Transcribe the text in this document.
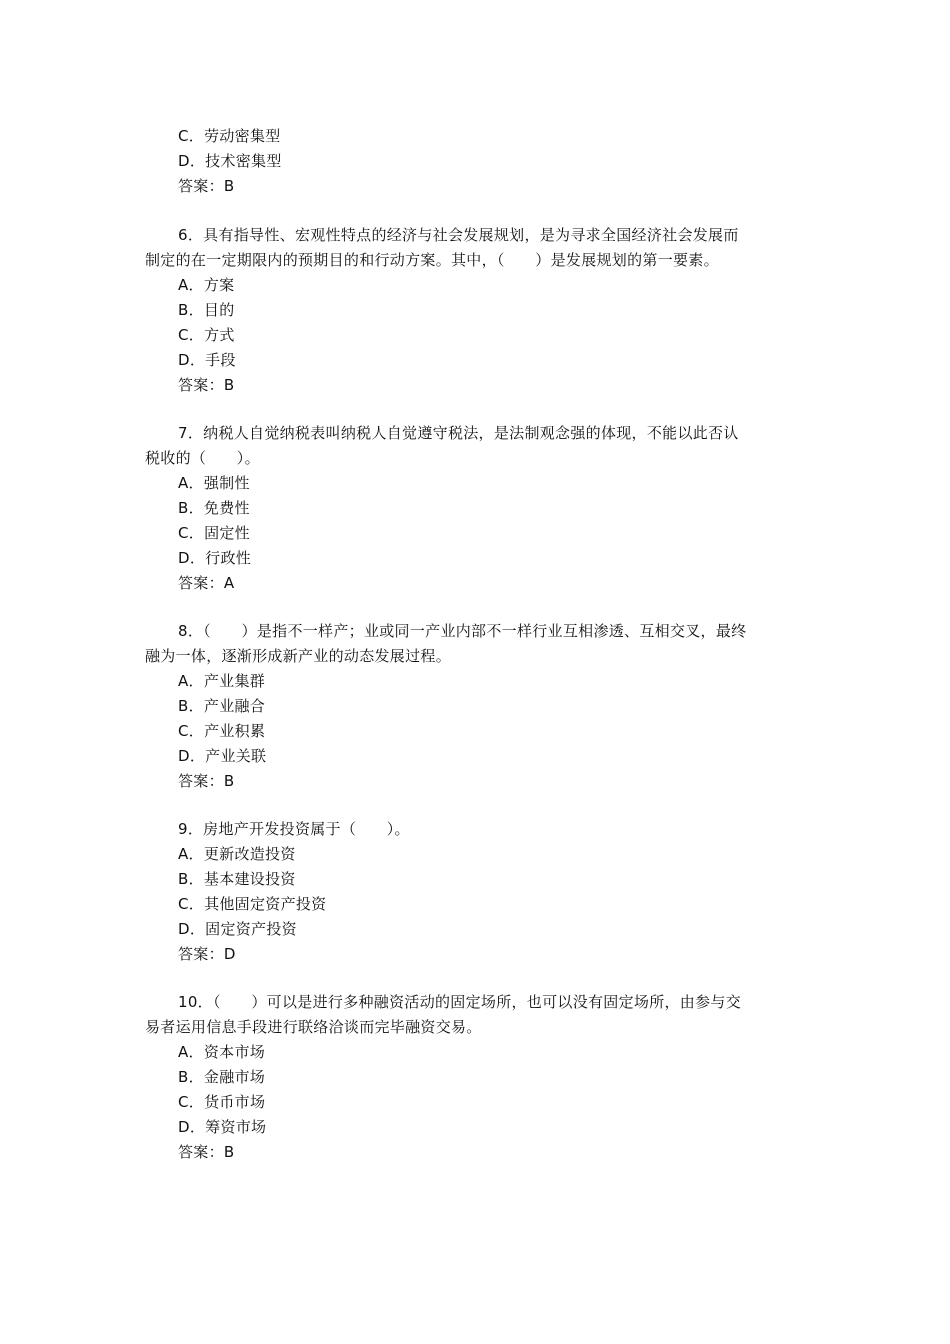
C．劳动密集型
D．技术密集型
答案：B
6．具有指导性、宏观性特点的经济与社会发展规划，是为寻求全国经济社会发展而
制定的在一定期限内的预期目的和行动方案。其中，（　　）是发展规划的第一要素。
A．方案
B．目的
C．方式
D．手段
答案：B
7．纳税人自觉纳税表叫纳税人自觉遵守税法，是法制观念强的体现，不能以此否认
税收的（　　）。
A．强制性
B．免费性
C．固定性
D．行政性
答案：A
8．（　　）是指不一样产；业或同一产业内部不一样行业互相渗透、互相交叉，最终
融为一体，逐渐形成新产业的动态发展过程。
A．产业集群
B．产业融合
C．产业积累
D．产业关联
答案：B
9．房地产开发投资属于（　　）。
A．更新改造投资
B．基本建设投资
C．其他固定资产投资
D．固定资产投资
答案：D
10．（　　）可以是进行多种融资活动的固定场所，也可以没有固定场所，由参与交
易者运用信息手段进行联络洽谈而完毕融资交易。
A．资本市场
B．金融市场
C．货币市场
D．筹资市场
答案：B
